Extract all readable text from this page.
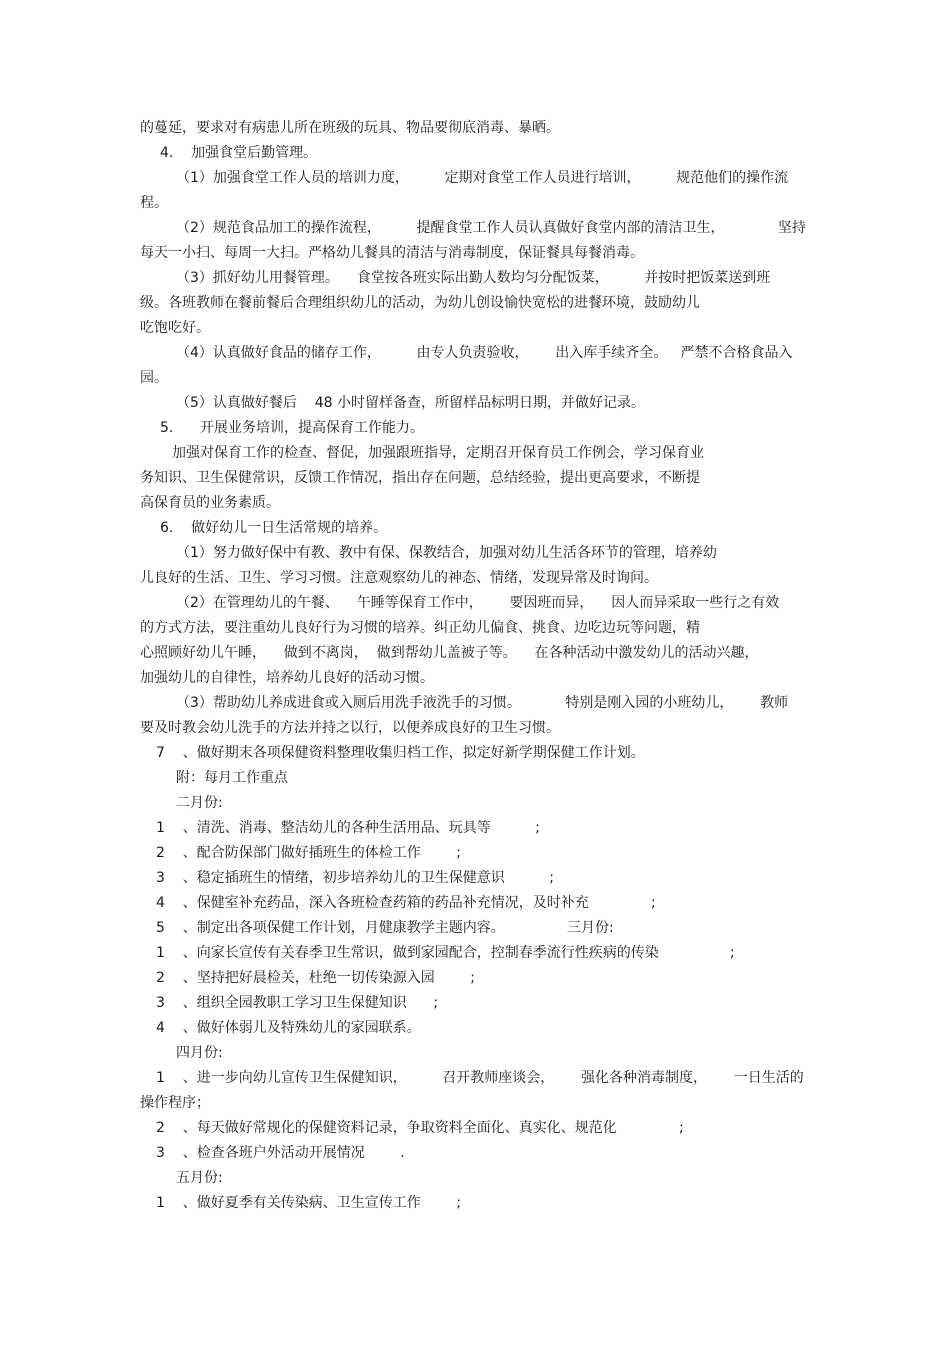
的蔓延，要求对有病患儿所在班级的玩具、物品要彻底消毒、暴晒。

4.    加强食堂后勤管理。

（1）加强食堂工作人员的培训力度，        定期对食堂工作人员进行培训，        规范他们的操作流

程。

（2）规范食品加工的操作流程，        提醒食堂工作人员认真做好食堂内部的清洁卫生，            坚持

每天一小扫、每周一大扫。严格幼儿餐具的清洁与消毒制度，保证餐具每餐消毒。

（3）抓好幼儿用餐管理。    食堂按各班实际出勤人数均匀分配饭菜，        并按时把饭菜送到班

级。各班教师在餐前餐后合理组织幼儿的活动，为幼儿创设愉快宽松的进餐环境，鼓励幼儿

吃饱吃好。

（4）认真做好食品的储存工作，        由专人负责验收，      出入库手续齐全。   严禁不合格食品入

园。

（5）认真做好餐后    48 小时留样备查，所留样品标明日期，并做好记录。

5.      开展业务培训，提高保育工作能力。

加强对保育工作的检查、督促，加强跟班指导，定期召开保育员工作例会，学习保育业

务知识、卫生保健常识，反馈工作情况，指出存在问题，总结经验，提出更高要求，不断提

高保育员的业务素质。

6.    做好幼儿一日生活常规的培养。

（1）努力做好保中有教、教中有保、保教结合，加强对幼儿生活各环节的管理，培养幼

儿良好的生活、卫生、学习习惯。注意观察幼儿的神态、情绪，发现异常及时询问。

（2）在管理幼儿的午餐、    午睡等保育工作中，      要因班而异，    因人而异采取一些行之有效

的方式方法，要注重幼儿良好行为习惯的培养。纠正幼儿偏食、挑食、边吃边玩等问题，精

心照顾好幼儿午睡，    做到不离岗，  做到帮幼儿盖被子等。    在各种活动中激发幼儿的活动兴趣，

加强幼儿的自律性，培养幼儿良好的活动习惯。

（3）帮助幼儿养成进食或入厕后用洗手液洗手的习惯。          特别是刚入园的小班幼儿，      教师

要及时教会幼儿洗手的方法并持之以行，以便养成良好的卫生习惯。

7    、做好期末各项保健资料整理收集归档工作，拟定好新学期保健工作计划。

附：每月工作重点

二月份:

1    、清洗、消毒、整洁幼儿的各种生活用品、玩具等          ;

2    、配合防保部门做好插班生的体检工作        ;

3    、稳定插班生的情绪，初步培养幼儿的卫生保健意识          ;

4    、保健室补充药品，深入各班检查药箱的药品补充情况，及时补充              ;

5    、制定出各项保健工作计划，月健康教学主题内容。              三月份:

1    、向家长宣传有关春季卫生常识，做到家园配合，控制春季流行性疾病的传染                ;

2    、坚持把好晨检关，杜绝一切传染源入园        ;

3    、组织全园教职工学习卫生保健知识      ;

4    、做好体弱儿及特殊幼儿的家园联系。

四月份:

1    、进一步向幼儿宣传卫生保健知识，        召开教师座谈会，      强化各种消毒制度，      一日生活的

操作程序；

2    、每天做好常规化的保健资料记录，争取资料全面化、真实化、规范化              ;

3    、检查各班户外活动开展情况        .

五月份:

1    、做好夏季有关传染病、卫生宣传工作        ;
